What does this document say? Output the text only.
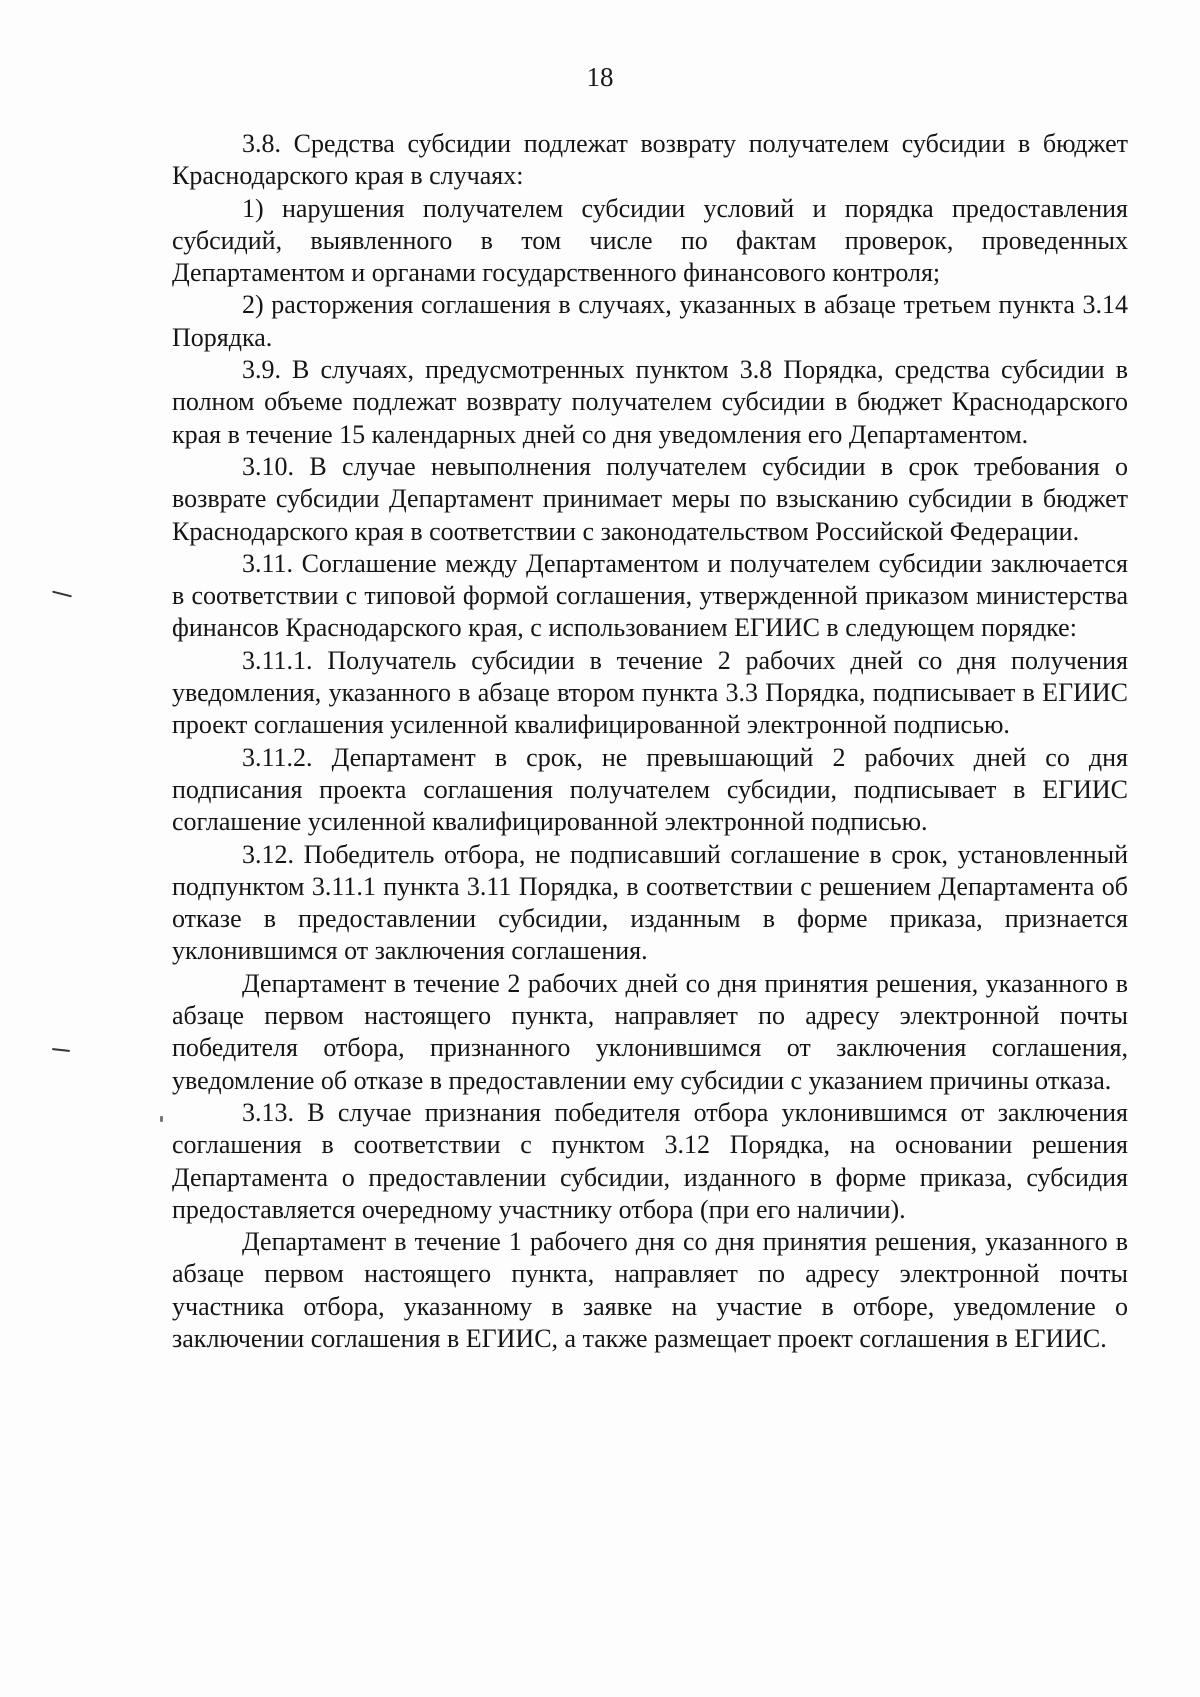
18

3.8. Средства субсидии подлежат возврату получателем субсидии в бюджет Краснодарского края в случаях:

1) нарушения получателем субсидии условий и порядка предоставления субсидий, выявленного в том числе по фактам проверок, проведенных Департаментом и органами государственного финансового контроля;

2) расторжения соглашения в случаях, указанных в абзаце третьем пункта 3.14 Порядка.

3.9. В случаях, предусмотренных пунктом 3.8 Порядка, средства субсидии в полном объеме подлежат возврату получателем субсидии в бюджет Краснодарского края в течение 15 календарных дней со дня уведомления его Департаментом.

3.10. В случае невыполнения получателем субсидии в срок требования о возврате субсидии Департамент принимает меры по взысканию субсидии в бюджет Краснодарского края в соответствии с законодательством Российской Федерации.

3.11. Соглашение между Департаментом и получателем субсидии заключается в соответствии с типовой формой соглашения, утвержденной приказом министерства финансов Краснодарского края, с использованием ЕГИИС в следующем порядке:

3.11.1. Получатель субсидии в течение 2 рабочих дней со дня получения уведомления, указанного в абзаце втором пункта 3.3 Порядка, подписывает в ЕГИИС проект соглашения усиленной квалифицированной электронной подписью.

3.11.2. Департамент в срок, не превышающий 2 рабочих дней со дня подписания проекта соглашения получателем субсидии, подписывает в ЕГИИС соглашение усиленной квалифицированной электронной подписью.

3.12. Победитель отбора, не подписавший соглашение в срок, установленный подпунктом 3.11.1 пункта 3.11 Порядка, в соответствии с решением Департамента об отказе в предоставлении субсидии, изданным в форме приказа, признается уклонившимся от заключения соглашения.

Департамент в течение 2 рабочих дней со дня принятия решения, указанного в абзаце первом настоящего пункта, направляет по адресу электронной почты победителя отбора, признанного уклонившимся от заключения соглашения, уведомление об отказе в предоставлении ему субсидии с указанием причины отказа.

3.13. В случае признания победителя отбора уклонившимся от заключения соглашения в соответствии с пунктом 3.12 Порядка, на основании решения Департамента о предоставлении субсидии, изданного в форме приказа, субсидия предоставляется очередному участнику отбора (при его наличии).

Департамент в течение 1 рабочего дня со дня принятия решения, указанного в абзаце первом настоящего пункта, направляет по адресу электронной почты участника отбора, указанному в заявке на участие в отборе, уведомление о заключении соглашения в ЕГИИС, а также размещает проект соглашения в ЕГИИС.
